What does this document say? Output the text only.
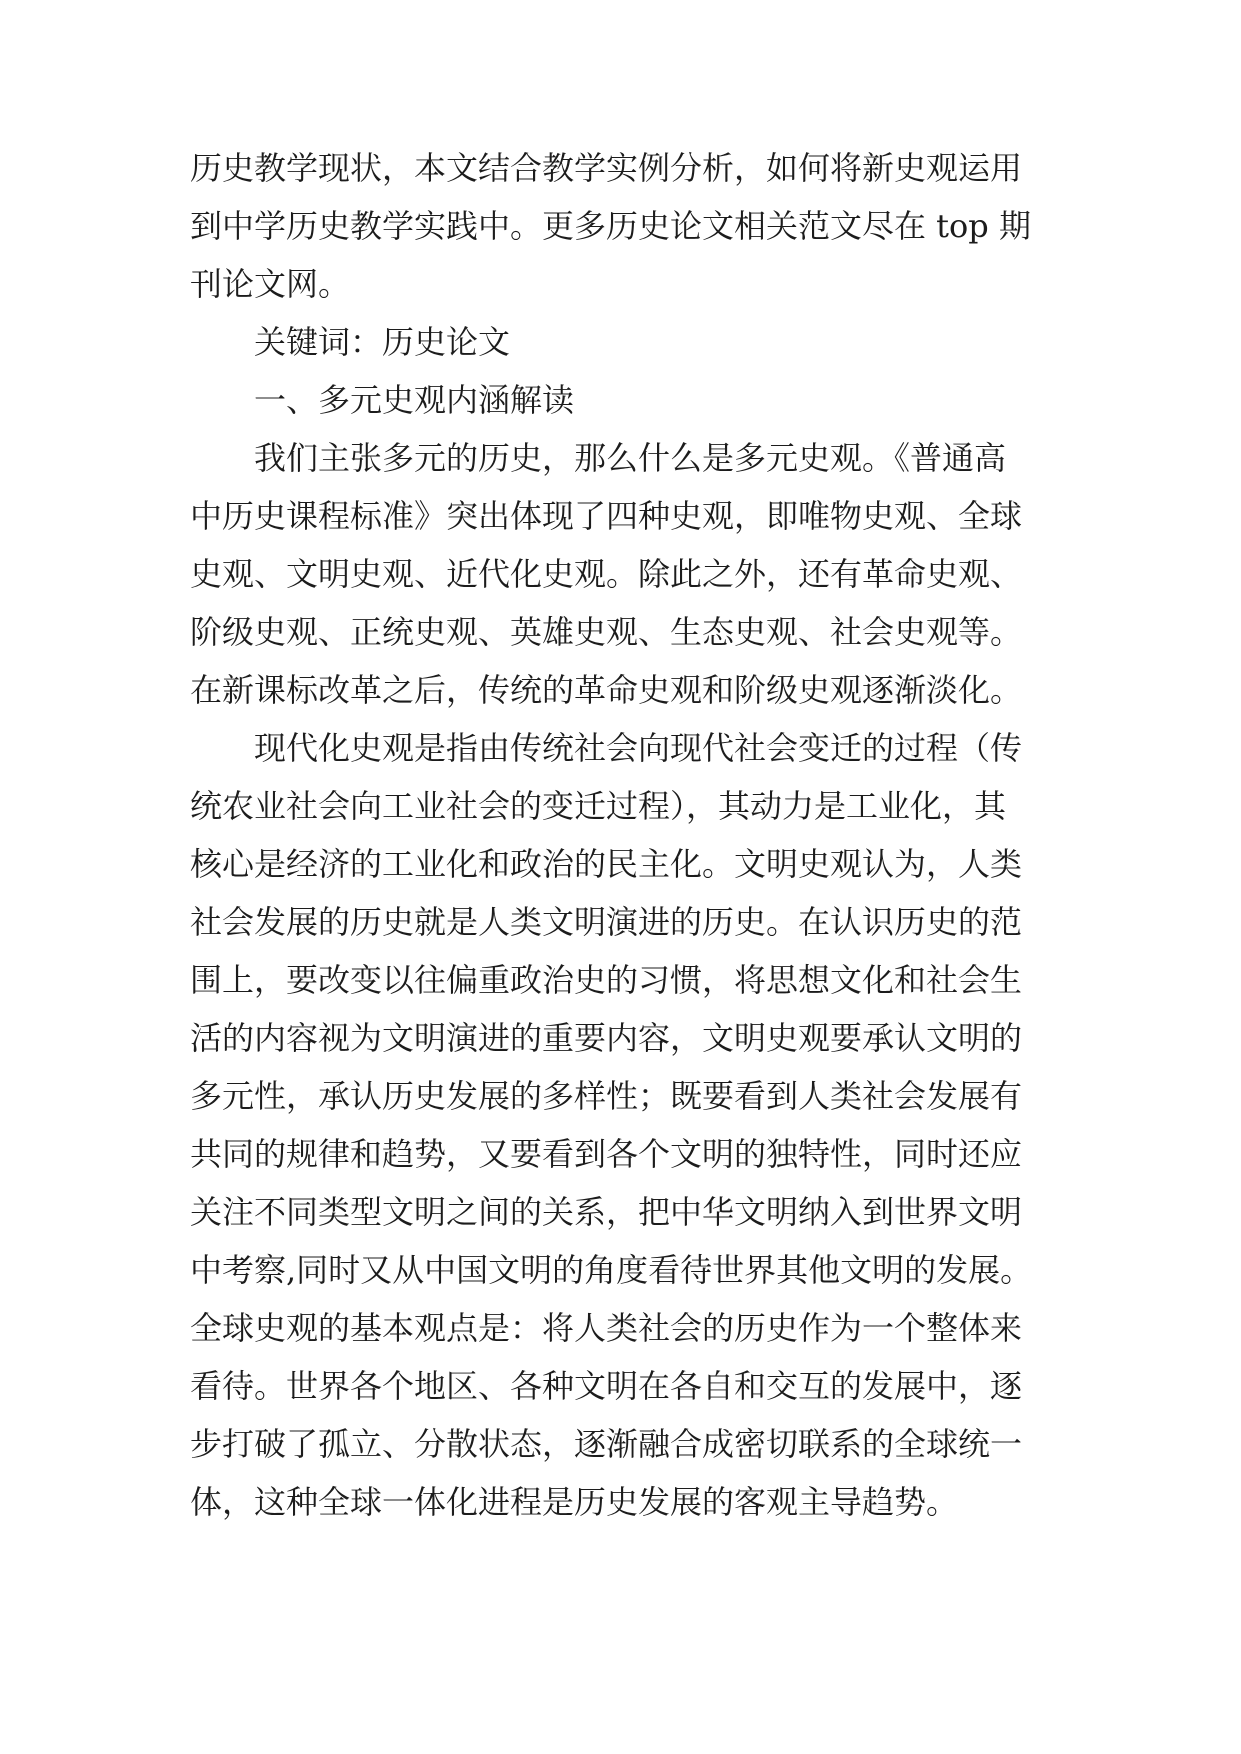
历史教学现状，本文结合教学实例分析，如何将新史观运用

到中学历史教学实践中。更多历史论文相关范文尽在 top 期

刊论文网。

关键词：历史论文

一、多元史观内涵解读

我们主张多元的历史，那么什么是多元史观。《普通高

中历史课程标准》突出体现了四种史观，即唯物史观、全球

史观、文明史观、近代化史观。除此之外，还有革命史观、

阶级史观、正统史观、英雄史观、生态史观、社会史观等。

在新课标改革之后，传统的革命史观和阶级史观逐渐淡化。

现代化史观是指由传统社会向现代社会变迁的过程（传

统农业社会向工业社会的变迁过程），其动力是工业化，其

核心是经济的工业化和政治的民主化。文明史观认为，人类

社会发展的历史就是人类文明演进的历史。在认识历史的范

围上，要改变以往偏重政治史的习惯，将思想文化和社会生

活的内容视为文明演进的重要内容，文明史观要承认文明的

多元性，承认历史发展的多样性；既要看到人类社会发展有

共同的规律和趋势，又要看到各个文明的独特性，同时还应

关注不同类型文明之间的关系，把中华文明纳入到世界文明

中考察,同时又从中国文明的角度看待世界其他文明的发展。

全球史观的基本观点是：将人类社会的历史作为一个整体来

看待。世界各个地区、各种文明在各自和交互的发展中，逐

步打破了孤立、分散状态，逐渐融合成密切联系的全球统一

体，这种全球一体化进程是历史发展的客观主导趋势。
